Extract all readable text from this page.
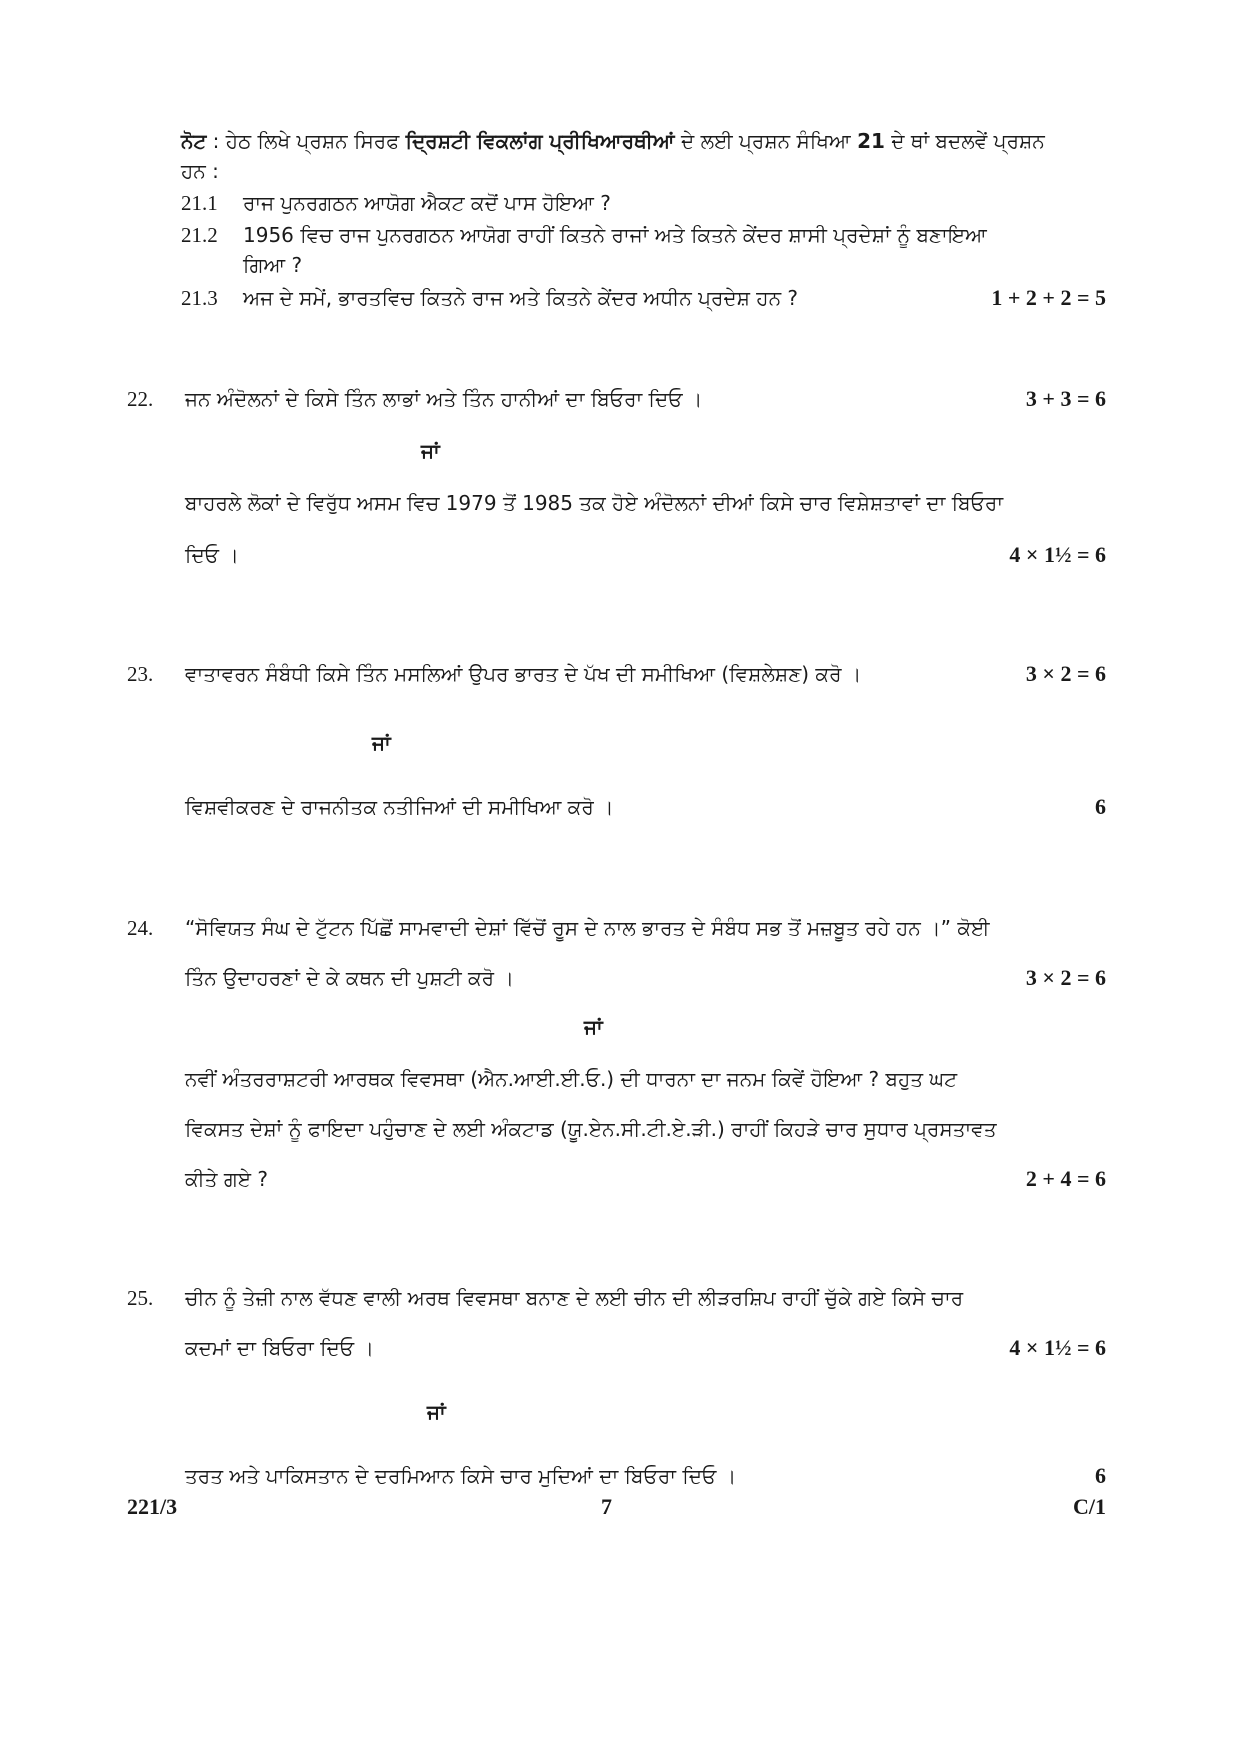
ਨੋਟ : ਹੇਠ ਲਿਖੇ ਪ੍ਰਸ਼ਨ ਸਿਰਫ ਦ੍ਰਿਸ਼ਟੀ ਵਿਕਲਾਂਗ ਪ੍ਰੀਖਿਆਰਥੀਆਂ ਦੇ ਲਈ ਪ੍ਰਸ਼ਨ ਸੰਖਿਆ 21 ਦੇ ਥਾਂ ਬਦਲਵੇਂ ਪ੍ਰਸ਼ਨ
ਹਨ :
21.1 ਰਾਜ ਪੁਨਰਗਠਨ ਆਯੋਗ ਐਕਟ ਕਦੋਂ ਪਾਸ ਹੋਇਆ ?
21.2 1956 ਵਿਚ ਰਾਜ ਪੁਨਰਗਠਨ ਆਯੋਗ ਰਾਹੀਂ ਕਿਤਨੇ ਰਾਜਾਂ ਅਤੇ ਕਿਤਨੇ ਕੇਂਦਰ ਸ਼ਾਸੀ ਪ੍ਰਦੇਸ਼ਾਂ ਨੂੰ ਬਣਾਇਆ
ਗਿਆ ?
21.3 ਅਜ ਦੇ ਸਮੇਂ, ਭਾਰਤਵਿਚ ਕਿਤਨੇ ਰਾਜ ਅਤੇ ਕਿਤਨੇ ਕੇਂਦਰ ਅਧੀਨ ਪ੍ਰਦੇਸ਼ ਹਨ ?	1 + 2 + 2 = 5
22. ਜਨ ਅੰਦੋਲਨਾਂ ਦੇ ਕਿਸੇ ਤਿੰਨ ਲਾਭਾਂ ਅਤੇ ਤਿੰਨ ਹਾਨੀਆਂ ਦਾ ਬਿਓਰਾ ਦਿਓ ।	3 + 3 = 6
ਜਾਂ
ਬਾਹਰਲੇ ਲੋਕਾਂ ਦੇ ਵਿਰੁੱਧ ਅਸਮ ਵਿਚ 1979 ਤੋਂ 1985 ਤਕ ਹੋਏ ਅੰਦੋਲਨਾਂ ਦੀਆਂ ਕਿਸੇ ਚਾਰ ਵਿਸ਼ੇਸ਼ਤਾਵਾਂ ਦਾ ਬਿਓਰਾ
ਦਿਓ ।	4 × 1½ = 6
23. ਵਾਤਾਵਰਨ ਸੰਬੰਧੀ ਕਿਸੇ ਤਿੰਨ ਮਸਲਿਆਂ ਉਪਰ ਭਾਰਤ ਦੇ ਪੱਖ ਦੀ ਸਮੀਖਿਆ (ਵਿਸ਼ਲੇਸ਼ਣ) ਕਰੋ ।	3 × 2 = 6
ਜਾਂ
ਵਿਸ਼ਵੀਕਰਣ ਦੇ ਰਾਜਨੀਤਕ ਨਤੀਜਿਆਂ ਦੀ ਸਮੀਖਿਆ ਕਰੋ ।	6
24. “ਸੋਵਿਯਤ ਸੰਘ ਦੇ ਟੁੱਟਨ ਪਿੱਛੋਂ ਸਾਮਵਾਦੀ ਦੇਸ਼ਾਂ ਵਿੱਚੋਂ ਰੂਸ ਦੇ ਨਾਲ ਭਾਰਤ ਦੇ ਸੰਬੰਧ ਸਭ ਤੋਂ ਮਜ਼ਬੂਤ ਰਹੇ ਹਨ ।” ਕੋਈ
ਤਿੰਨ ਉਦਾਹਰਣਾਂ ਦੇ ਕੇ ਕਥਨ ਦੀ ਪੁਸ਼ਟੀ ਕਰੋ ।	3 × 2 = 6
ਜਾਂ
ਨਵੀਂ ਅੰਤਰਰਾਸ਼ਟਰੀ ਆਰਥਕ ਵਿਵਸਥਾ (ਐਨ.ਆਈ.ਈ.ਓ.) ਦੀ ਧਾਰਨਾ ਦਾ ਜਨਮ ਕਿਵੇਂ ਹੋਇਆ ? ਬਹੁਤ ਘਟ
ਵਿਕਸਤ ਦੇਸ਼ਾਂ ਨੂੰ ਫਾਇਦਾ ਪਹੁੰਚਾਣ ਦੇ ਲਈ ਅੰਕਟਾਡ (ਯੂ.ਏਨ.ਸੀ.ਟੀ.ਏ.ੜੀ.) ਰਾਹੀਂ ਕਿਹੜੇ ਚਾਰ ਸੁਧਾਰ ਪ੍ਰਸਤਾਵਤ
ਕੀਤੇ ਗਏ ?	2 + 4 = 6
25. ਚੀਨ ਨੂੰ ਤੇਜ਼ੀ ਨਾਲ ਵੱਧਣ ਵਾਲੀ ਅਰਥ ਵਿਵਸਥਾ ਬਨਾਣ ਦੇ ਲਈ ਚੀਨ ਦੀ ਲੀੜਰਸ਼ਿਪ ਰਾਹੀਂ ਚੁੱਕੇ ਗਏ ਕਿਸੇ ਚਾਰ
ਕਦਮਾਂ ਦਾ ਬਿਓਰਾ ਦਿਓ ।	4 × 1½ = 6
ਜਾਂ
ਤਰਤ ਅਤੇ ਪਾਕਿਸਤਾਨ ਦੇ ਦਰਮਿਆਨ ਕਿਸੇ ਚਾਰ ਮੁਦਿਆਂ ਦਾ ਬਿਓਰਾ ਦਿਓ ।	6
221/3	7	C/1
